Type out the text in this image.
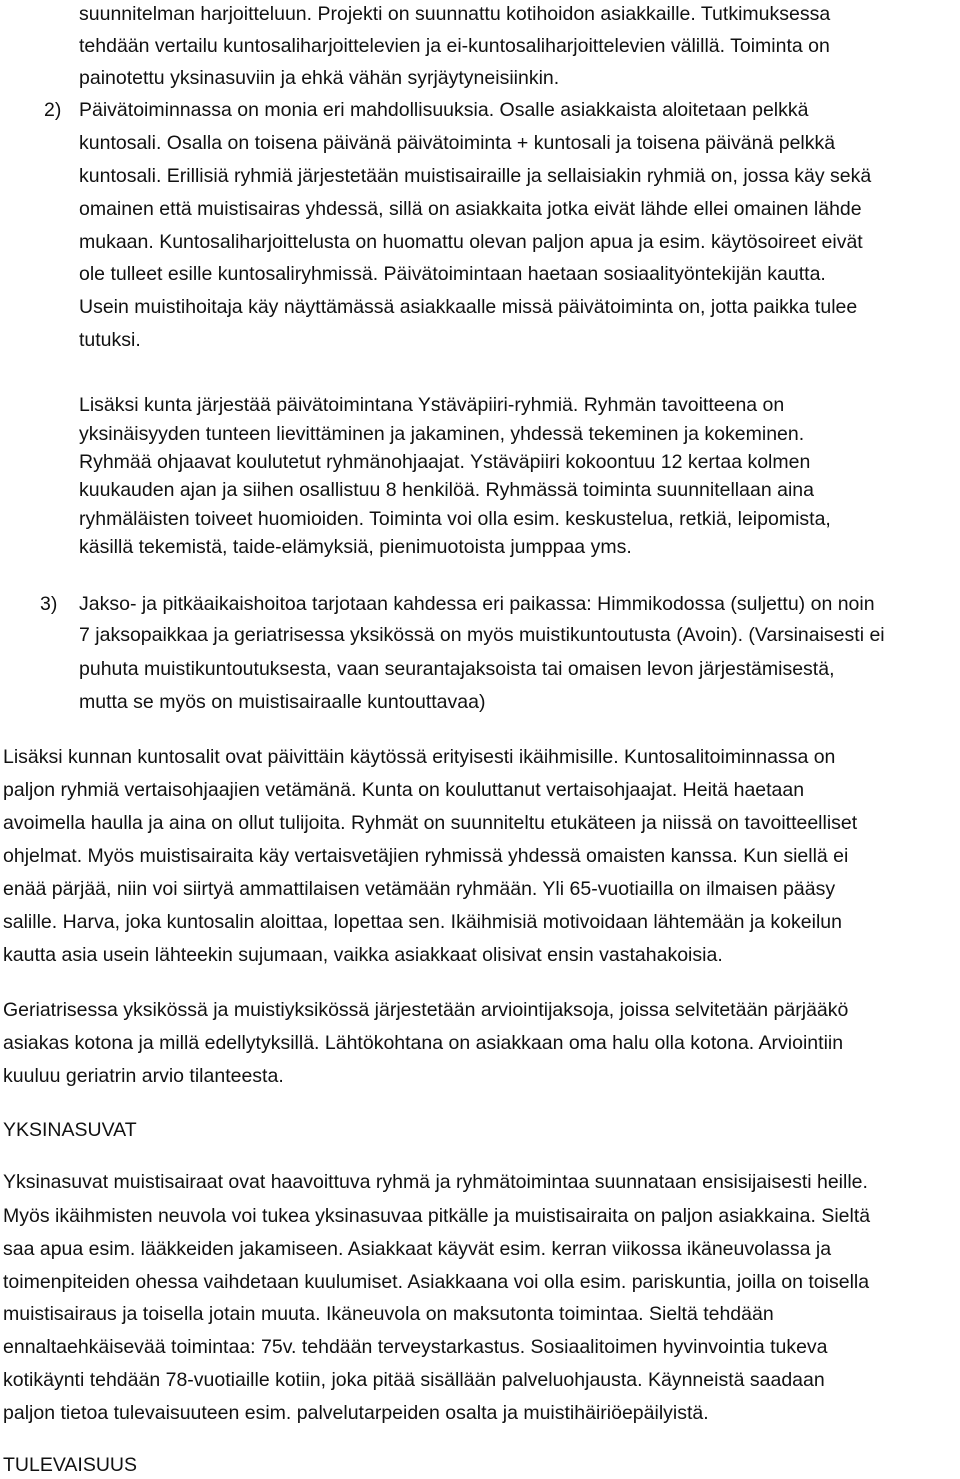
suunnitelman harjoitteluun. Projekti on suunnattu kotihoidon asiakkaille. Tutkimuksessa
tehdään vertailu kuntosaliharjoittelevien ja ei-kuntosaliharjoittelevien välillä. Toiminta on
painotettu yksinasuviin ja ehkä vähän syrjäytyneisiinkin.
2) Päivätoiminnassa on monia eri mahdollisuuksia. Osalle asiakkaista aloitetaan pelkkä
kuntosali. Osalla on toisena päivänä päivätoiminta + kuntosali ja toisena päivänä pelkkä
kuntosali. Erillisiä ryhmiä järjestetään muistisairaille ja sellaisiakin ryhmiä on, jossa käy sekä
omainen että muistisairas yhdessä, sillä on asiakkaita jotka eivät lähde ellei omainen lähde
mukaan. Kuntosaliharjoittelusta on huomattu olevan paljon apua ja esim. käytösoireet eivät
ole tulleet esille kuntosaliryhmissä. Päivätoimintaan haetaan sosiaalityöntekijän kautta.
Usein muistihoitaja käy näyttämässä asiakkaalle missä päivätoiminta on, jotta paikka tulee
tutuksi.
Lisäksi kunta järjestää päivätoimintana Ystäväpiiri-ryhmiä. Ryhmän tavoitteena on
yksinäisyyden tunteen lievittäminen ja jakaminen, yhdessä tekeminen ja kokeminen.
Ryhmää ohjaavat koulutetut ryhmänohjaajat. Ystäväpiiri kokoontuu 12 kertaa kolmen
kuukauden ajan ja siihen osallistuu 8 henkilöä. Ryhmässä toiminta suunnitellaan aina
ryhmäläisten toiveet huomioiden. Toiminta voi olla esim. keskustelua, retkiä, leipomista,
käsillä tekemistä, taide-elämyksiä, pienimuotoista jumppaa yms.
3) Jakso- ja pitkäaikaishoitoa tarjotaan kahdessa eri paikassa: Himmikodossa (suljettu) on noin
7 jaksopaikkaa ja geriatrisessa yksikössä on myös muistikuntoutusta (Avoin). (Varsinaisesti ei
puhuta muistikuntoutuksesta, vaan seurantajaksoista tai omaisen levon järjestämisestä,
mutta se myös on muistisairaalle kuntouttavaa)
Lisäksi kunnan kuntosalit ovat päivittäin käytössä erityisesti ikäihmisille. Kuntosalitoiminnassa on
paljon ryhmiä vertaisohjaajien vetämänä. Kunta on kouluttanut vertaisohjaajat. Heitä haetaan
avoimella haulla ja aina on ollut tulijoita. Ryhmät on suunniteltu etukäteen ja niissä on tavoitteelliset
ohjelmat. Myös muistisairaita käy vertaisvetäjien ryhmissä yhdessä omaisten kanssa. Kun siellä ei
enää pärjää, niin voi siirtyä ammattilaisen vetämään ryhmään. Yli 65-vuotiailla on ilmaisen pääsy
salille. Harva, joka kuntosalin aloittaa, lopettaa sen. Ikäihmisiä motivoidaan lähtemään ja kokeilun
kautta asia usein lähteekin sujumaan, vaikka asiakkaat olisivat ensin vastahakoisia.
Geriatrisessa yksikössä ja muistiyksikössä järjestetään arviointijaksoja, joissa selvitetään pärjääkö
asiakas kotona ja millä edellytyksillä. Lähtökohtana on asiakkaan oma halu olla kotona. Arviointiin
kuuluu geriatrin arvio tilanteesta.
YKSINASUVAT
Yksinasuvat muistisairaat ovat haavoittuva ryhmä ja ryhmätoimintaa suunnataan ensisijaisesti heille.
Myös ikäihmisten neuvola voi tukea yksinasuvaa pitkälle ja muistisairaita on paljon asiakkaina. Sieltä
saa apua esim. lääkkeiden jakamiseen. Asiakkaat käyvät esim. kerran viikossa ikäneuvolassa ja
toimenpiteiden ohessa vaihdetaan kuulumiset. Asiakkaana voi olla esim. pariskuntia, joilla on toisella
muistisairaus ja toisella jotain muuta. Ikäneuvola on maksutonta toimintaa. Sieltä tehdään
ennaltaehkäisevää toimintaa: 75v. tehdään terveystarkastus. Sosiaalitoimen hyvinvointia tukeva
kotikäynti tehdään 78-vuotiaille kotiin, joka pitää sisällään palveluohjausta. Käynneistä saadaan
paljon tietoa tulevaisuuteen esim. palvelutarpeiden osalta ja muistihäiriöepäilyistä.
TULEVAISUUS
